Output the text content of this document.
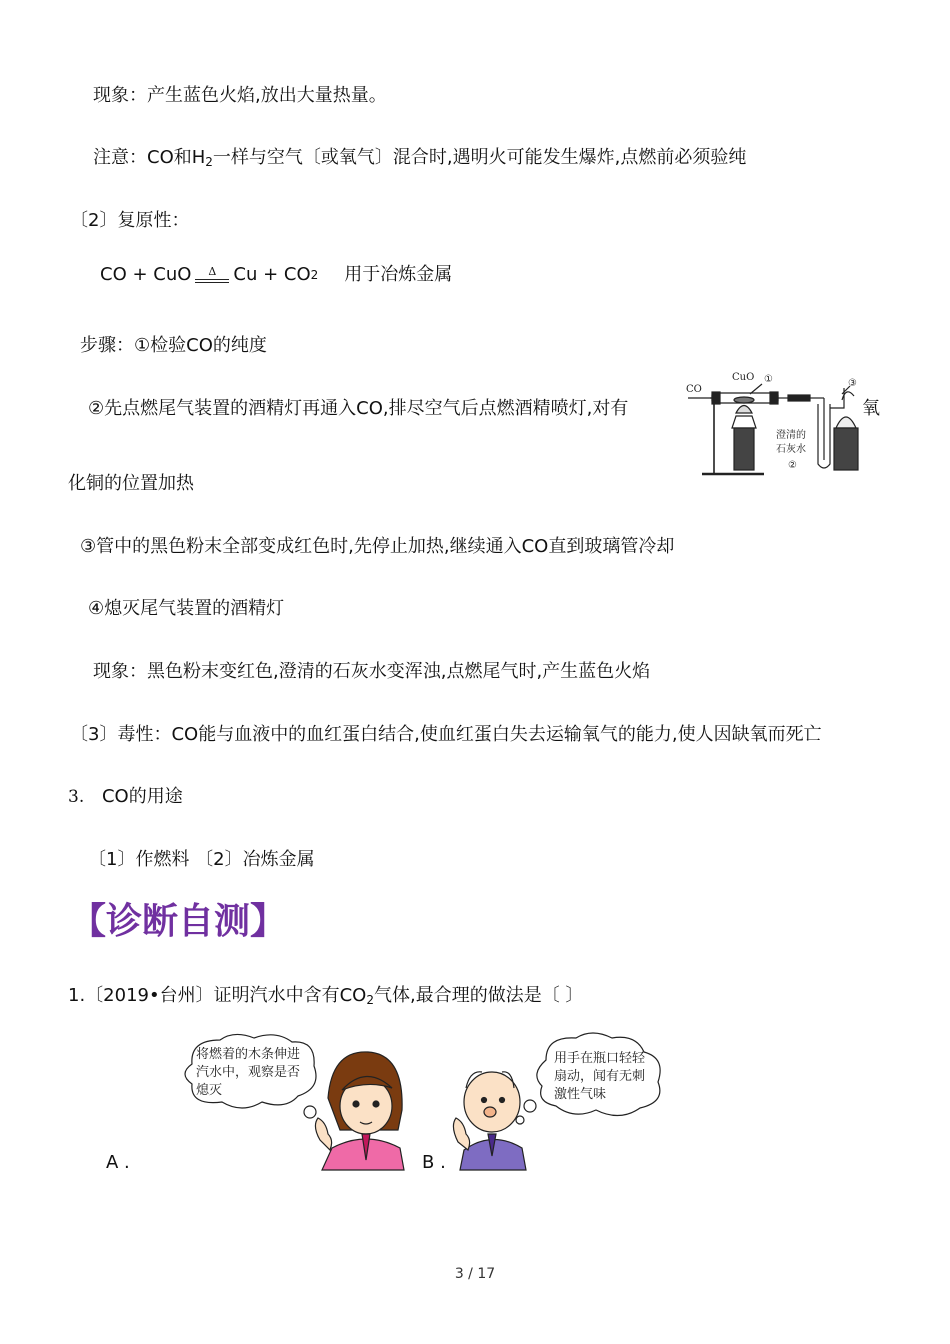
现象：产生蓝色火焰,放出大量热量。
注意：CO和$H_2$一样与空气〔或氧气〕混合时,遇明火可能发生爆炸,点燃前必须验纯
〔2〕复原性：
CO + CuO Δ Cu + CO 2 用于冶炼金属
步骤：①检验CO的纯度
②先点燃尾气装置的酒精灯再通入CO,排尽空气后点燃酒精喷灯,对有	氧
化铜的位置加热
CO
CuO ①	③
澄清的
石灰水
②
③管中的黑色粉末全部变成红色时,先停止加热,继续通入CO直到玻璃管冷却
④熄灭尾气装置的酒精灯
现象：黑色粉末变红色,澄清的石灰水变浑浊,点燃尾气时,产生蓝色火焰
〔3〕毒性：CO能与血液中的血红蛋白结合,使血红蛋白失去运输氧气的能力,使人因缺氧而死亡
3. CO的用途
〔1〕作燃料 〔2〕冶炼金属
【诊断自测】
1.〔2019•台州〕证明汽水中含有$CO_2$气体,最合理的做法是〔 〕
将燃着的木条伸进汽水中，观察是否熄灭
用手在瓶口轻轻扇动，闻有无刺激性气味
A .	B .
3 / 17
